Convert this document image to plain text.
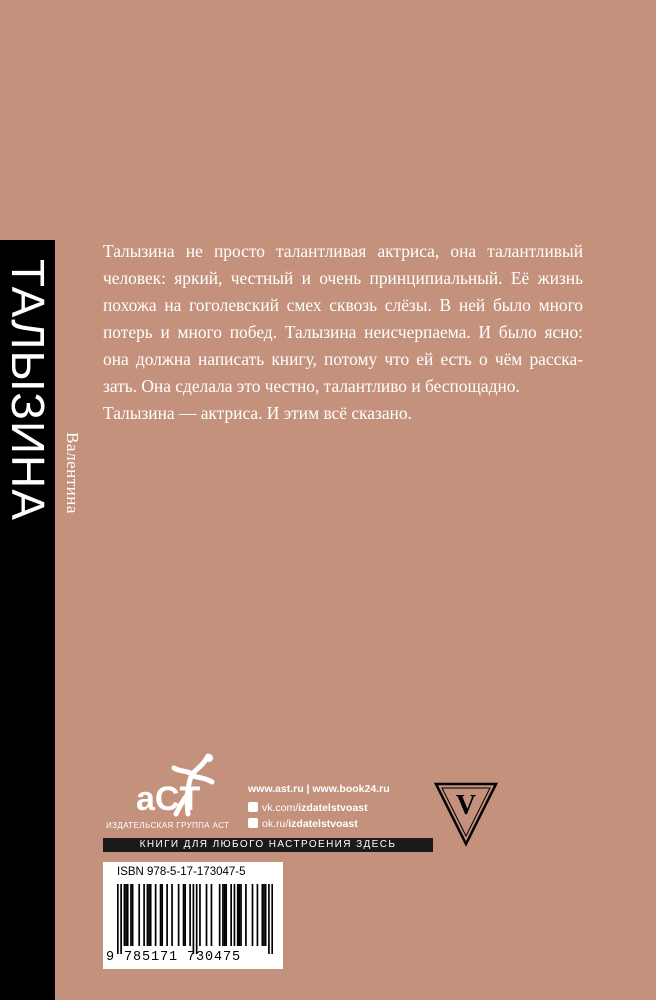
ТАЛЫЗИНА Валентина
Талызина не просто талантливая актриса, она талантливый
человек: яркий, честный и очень принципиальный. Её жизнь
похожа на гоголевский смех сквозь слёзы. В ней было много
потерь и много побед. Талызина неисчерпаема. И было ясно:
она должна написать книгу, потому что ей есть о чём расска-
зать. Она сделала это честно, талантливо и беспощадно.
Талызина — актриса. И этим всё сказано.
aCT
ИЗДАТЕЛЬСКАЯ ГРУППА АСТ
www.ast.ru | www.book24.ru
vk.com/izdatelstvoast
ok.ru/izdatelstvoast
V
КНИГИ ДЛЯ ЛЮБОГО НАСТРОЕНИЯ ЗДЕСЬ
ISBN 978-5-17-173047-5
9 785171 730475
